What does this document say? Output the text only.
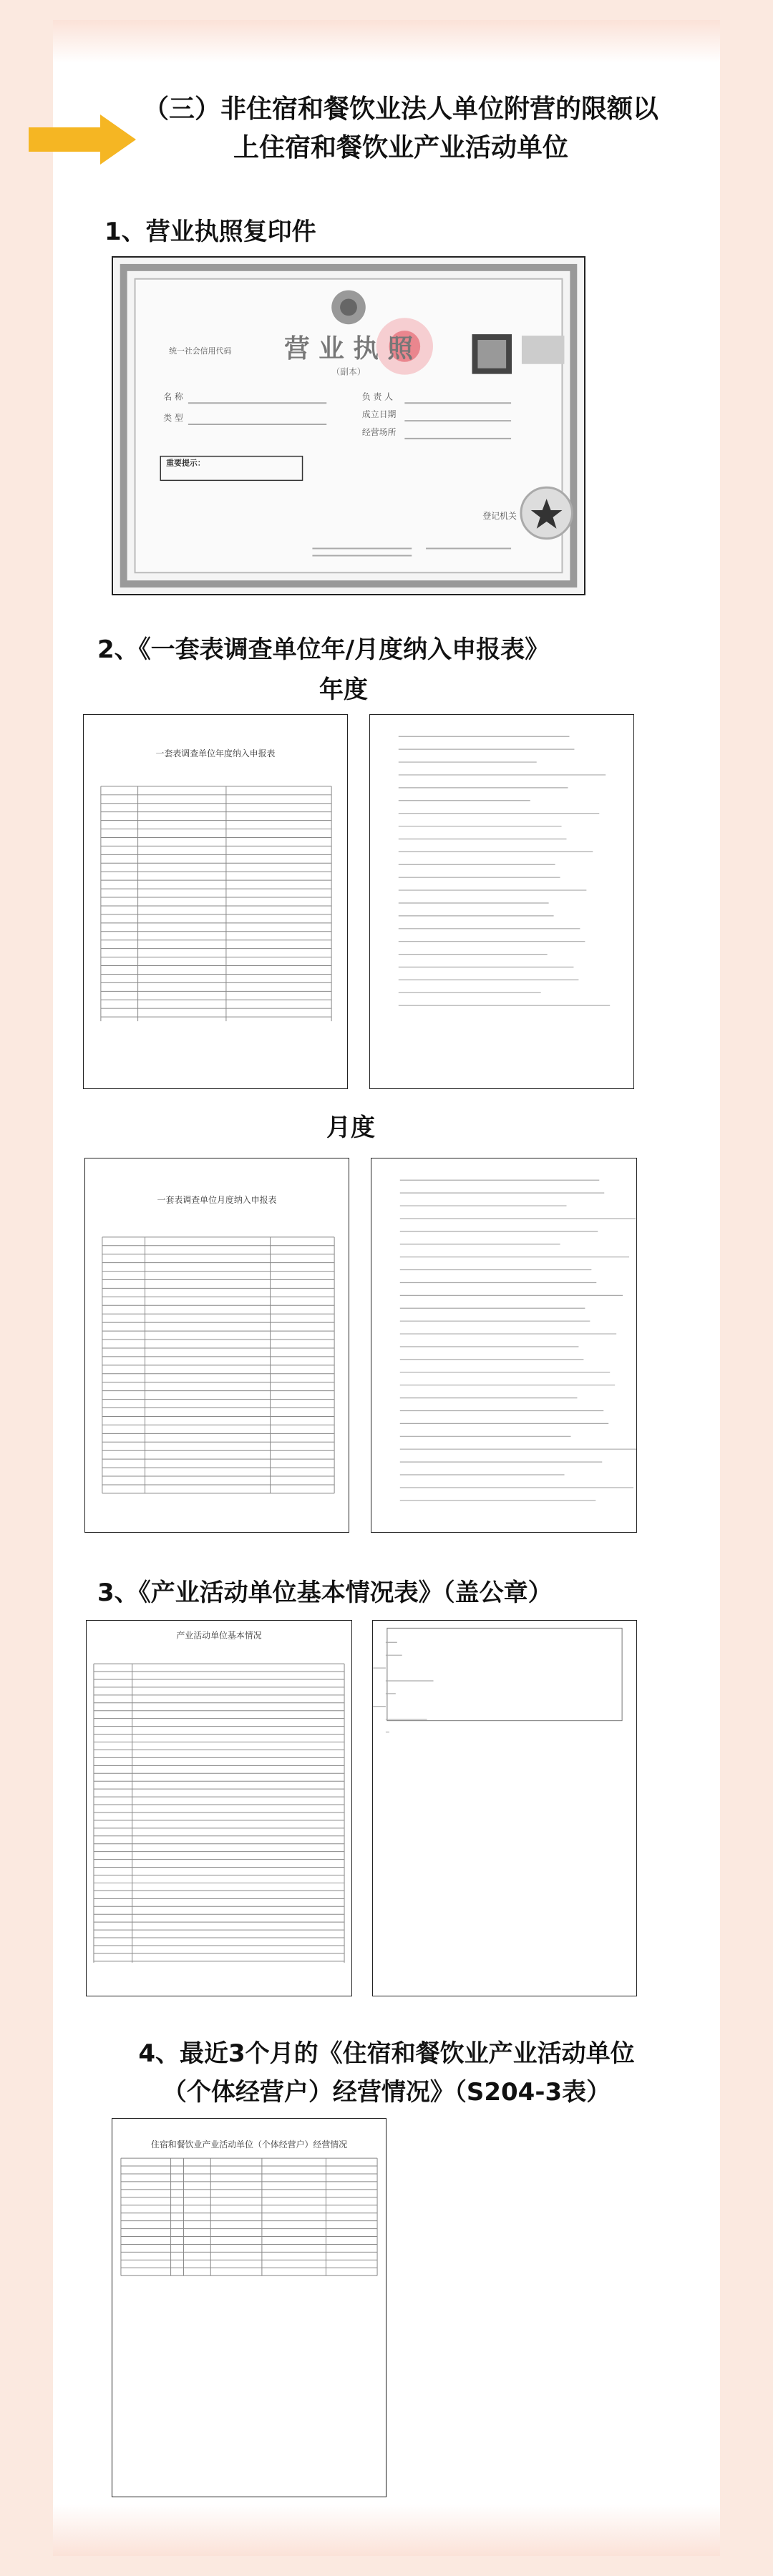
（三）非住宿和餐饮业法人单位附营的限额以
上住宿和餐饮业产业活动单位
1、营业执照复印件
营 业 执 照
（副本）
统一社会信用代码
名 称
类 型
负 责 人
成立日期
经营场所
重要提示：
登记机关
2、《一套表调查单位年/月度纳入申报表》
年度
一套表调查单位年度纳入申报表
月度
一套表调查单位月度纳入申报表
3、《产业活动单位基本情况表》（盖公章）
产业活动单位基本情况
4、最近3个月的《住宿和餐饮业产业活动单位
（个体经营户）经营情况》（S204-3表）
住宿和餐饮业产业活动单位（个体经营户）经营情况
